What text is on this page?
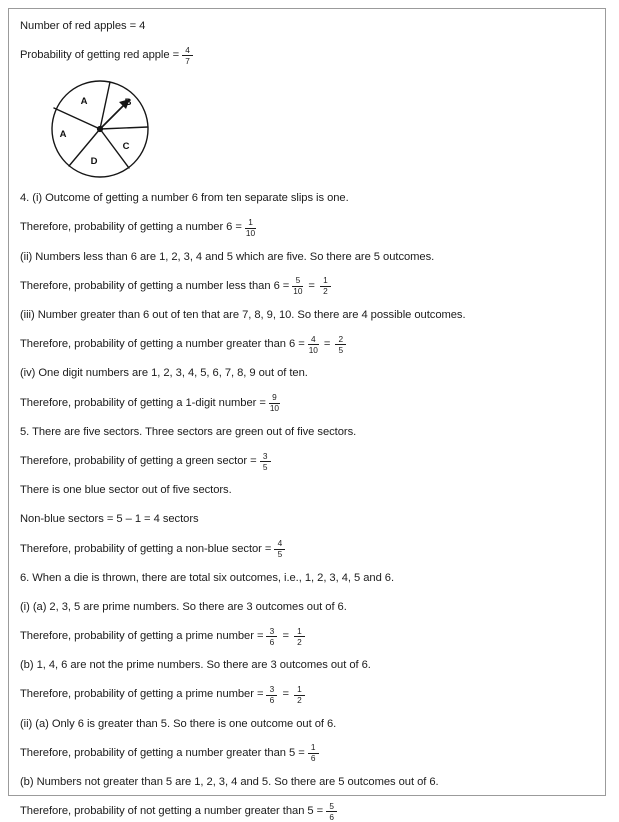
Number of red apples = 4
Probability of getting red apple = $\frac{4}{7}$
A	B
C
D
A
4. (i) Outcome of getting a number 6 from ten separate slips is one.
Therefore, probability of getting a number $6 = \frac{1}{10}$
(ii) Numbers less than 6 are 1, 2, 3, 4 and 5 which are five. So there are 5 outcomes.
Therefore, probability of getting a number less than $6 = \frac{5}{10} = \frac{1}{2}$
(iii) Number greater than 6 out of ten that are 7, 8, 9, 10. So there are 4 possible outcomes.
Therefore, probability of getting a number greater than $6 = \frac{4}{10} = \frac{2}{5}$
(iv) One digit numbers are 1, 2, 3, 4, 5, 6, 7, 8, 9 out of ten.
Therefore, probability of getting a 1-digit number = $\frac{9}{10}$
5. There are five sectors. Three sectors are green out of five sectors.
Therefore, probability of getting a green sector = $\frac{3}{5}$
There is one blue sector out of five sectors.
Non-blue sectors = 5 – 1 = 4 sectors
Therefore, probability of getting a non-blue sector = $\frac{4}{5}$
6. When a die is thrown, there are total six outcomes, i.e., 1, 2, 3, 4, 5 and 6.
(i) (a) 2, 3, 5 are prime numbers. So there are 3 outcomes out of 6.
Therefore, probability of getting a prime number = $\frac{3}{6} = \frac{1}{2}$
(b) 1, 4, 6 are not the prime numbers. So there are 3 outcomes out of 6.
Therefore, probability of getting a prime number = $\frac{3}{6} = \frac{1}{2}$
(ii) (a) Only 6 is greater than 5. So there is one outcome out of 6.
Therefore, probability of getting a number greater than $5 = \frac{1}{6}$
(b) Numbers not greater than 5 are 1, 2, 3, 4 and 5. So there are 5 outcomes out of 6.
Therefore, probability of not getting a number greater than $5 = \frac{5}{6}$
